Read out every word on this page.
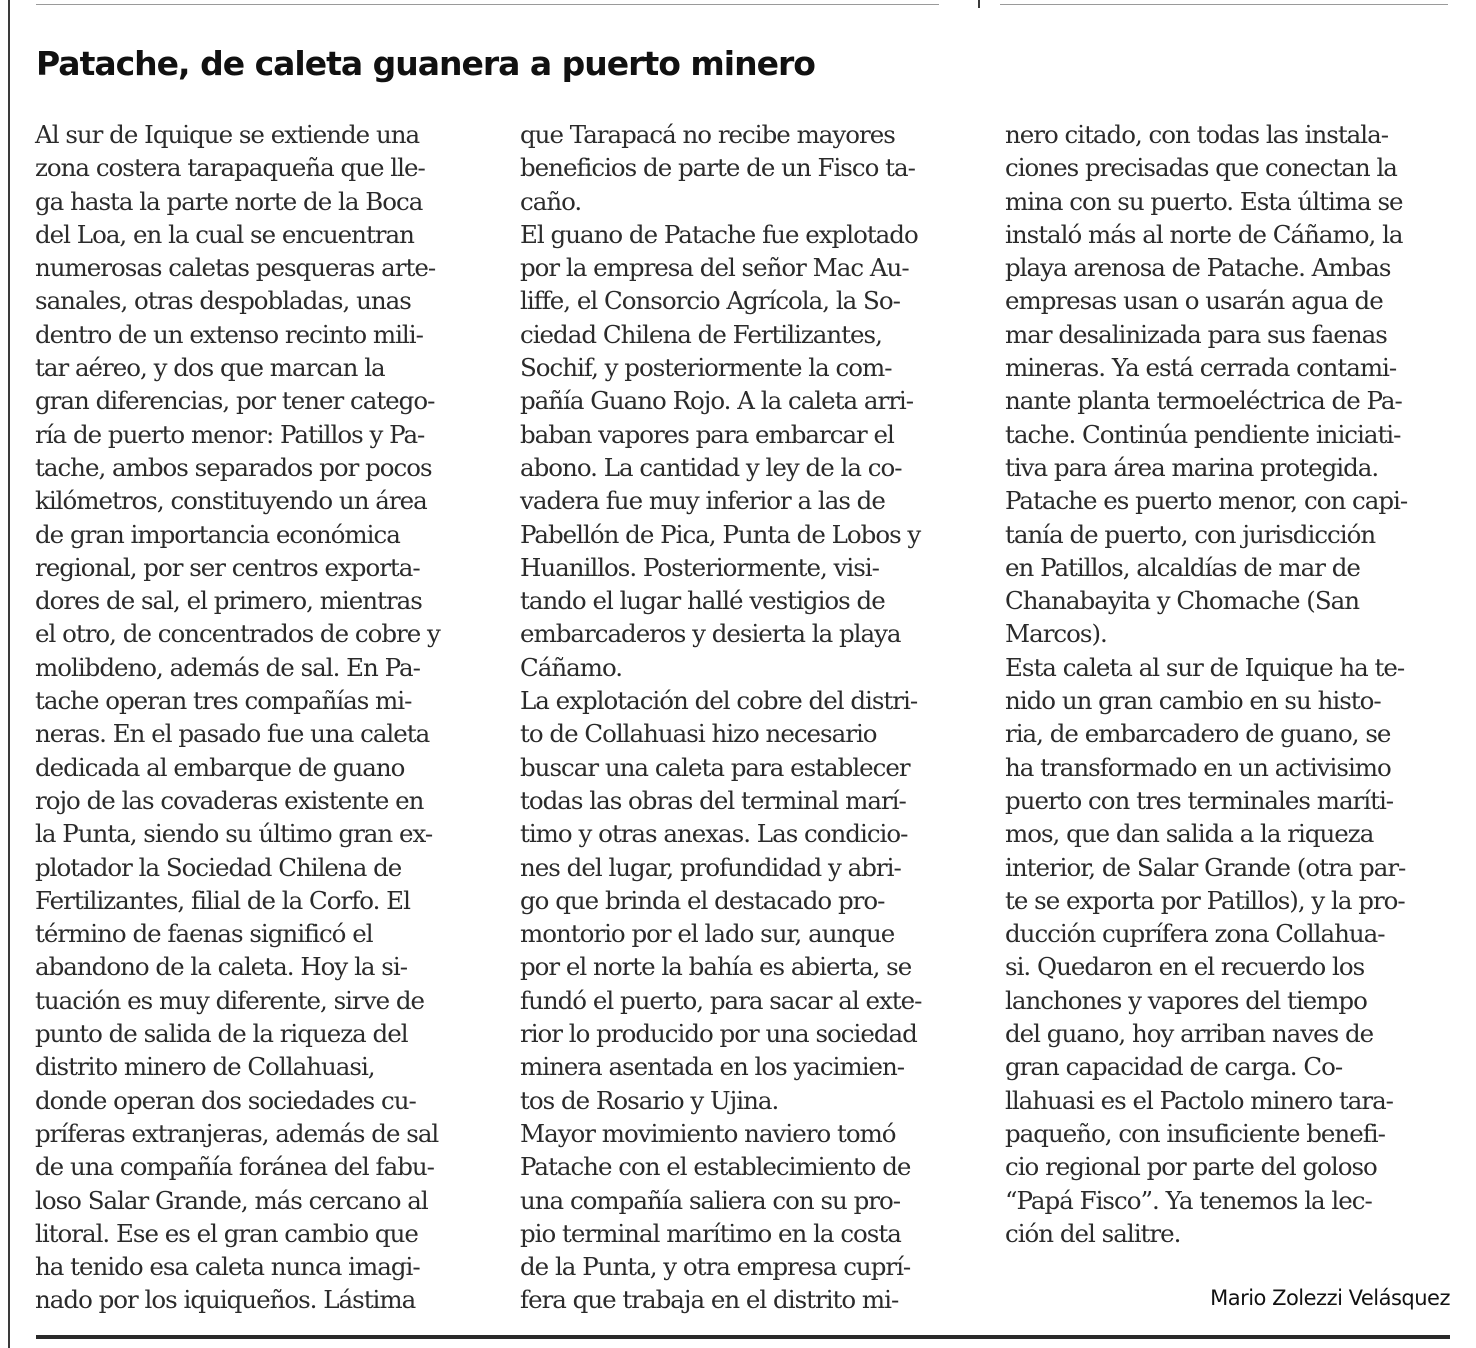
Patache, de caleta guanera a puerto minero
Al sur de Iquique se extiende una
zona costera tarapaqueña que lle-
ga hasta la parte norte de la Boca
del Loa, en la cual se encuentran
numerosas caletas pesqueras arte-
sanales, otras despobladas, unas
dentro de un extenso recinto mili-
tar aéreo, y dos que marcan la
gran diferencias, por tener catego-
ría de puerto menor: Patillos y Pa-
tache, ambos separados por pocos
kilómetros, constituyendo un área
de gran importancia económica
regional, por ser centros exporta-
dores de sal, el primero, mientras
el otro, de concentrados de cobre y
molibdeno, además de sal. En Pa-
tache operan tres compañías mi-
neras. En el pasado fue una caleta
dedicada al embarque de guano
rojo de las covaderas existente en
la Punta, siendo su último gran ex-
plotador la Sociedad Chilena de
Fertilizantes, filial de la Corfo. El
término de faenas significó el
abandono de la caleta. Hoy la si-
tuación es muy diferente, sirve de
punto de salida de la riqueza del
distrito minero de Collahuasi,
donde operan dos sociedades cu-
príferas extranjeras, además de sal
de una compañía foránea del fabu-
loso Salar Grande, más cercano al
litoral. Ese es el gran cambio que
ha tenido esa caleta nunca imagi-
nado por los iquiqueños. Lástima
que Tarapacá no recibe mayores
beneficios de parte de un Fisco ta-
caño.
El guano de Patache fue explotado
por la empresa del señor Mac Au-
liffe, el Consorcio Agrícola, la So-
ciedad Chilena de Fertilizantes,
Sochif, y posteriormente la com-
pañía Guano Rojo. A la caleta arri-
baban vapores para embarcar el
abono. La cantidad y ley de la co-
vadera fue muy inferior a las de
Pabellón de Pica, Punta de Lobos y
Huanillos. Posteriormente, visi-
tando el lugar hallé vestigios de
embarcaderos y desierta la playa
Cáñamo.
La explotación del cobre del distri-
to de Collahuasi hizo necesario
buscar una caleta para establecer
todas las obras del terminal marí-
timo y otras anexas. Las condicio-
nes del lugar, profundidad y abri-
go que brinda el destacado pro-
montorio por el lado sur, aunque
por el norte la bahía es abierta, se
fundó el puerto, para sacar al exte-
rior lo producido por una sociedad
minera asentada en los yacimien-
tos de Rosario y Ujina.
Mayor movimiento naviero tomó
Patache con el establecimiento de
una compañía saliera con su pro-
pio terminal marítimo en la costa
de la Punta, y otra empresa cuprí-
fera que trabaja en el distrito mi-
nero citado, con todas las instala-
ciones precisadas que conectan la
mina con su puerto. Esta última se
instaló más al norte de Cáñamo, la
playa arenosa de Patache. Ambas
empresas usan o usarán agua de
mar desalinizada para sus faenas
mineras. Ya está cerrada contami-
nante planta termoeléctrica de Pa-
tache. Continúa pendiente iniciati-
tiva para área marina protegida.
Patache es puerto menor, con capi-
tanía de puerto, con jurisdicción
en Patillos, alcaldías de mar de
Chanabayita y Chomache (San
Marcos).
Esta caleta al sur de Iquique ha te-
nido un gran cambio en su histo-
ria, de embarcadero de guano, se
ha transformado en un activisimo
puerto con tres terminales maríti-
mos, que dan salida a la riqueza
interior, de Salar Grande (otra par-
te se exporta por Patillos), y la pro-
ducción cuprífera zona Collahua-
si. Quedaron en el recuerdo los
lanchones y vapores del tiempo
del guano, hoy arriban naves de
gran capacidad de carga. Co-
llahuasi es el Pactolo minero tara-
paqueño, con insuficiente benefi-
cio regional por parte del goloso
“Papá Fisco”. Ya tenemos la lec-
ción del salitre.
Mario Zolezzi Velásquez
